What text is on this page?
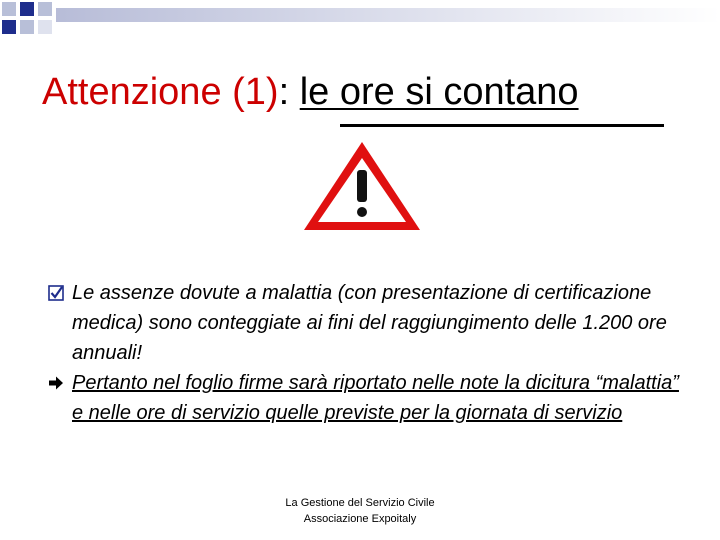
Attenzione (1): le ore si contano
Le assenze dovute a malattia (con presentazione di certificazione medica) sono conteggiate ai fini del raggiungimento delle 1.200 ore annuali!
Pertanto nel foglio firme sarà riportato nelle note la dicitura “malattia” e nelle ore di servizio quelle previste per la giornata di servizio
La Gestione del Servizio Civile
Associazione Expoitaly
